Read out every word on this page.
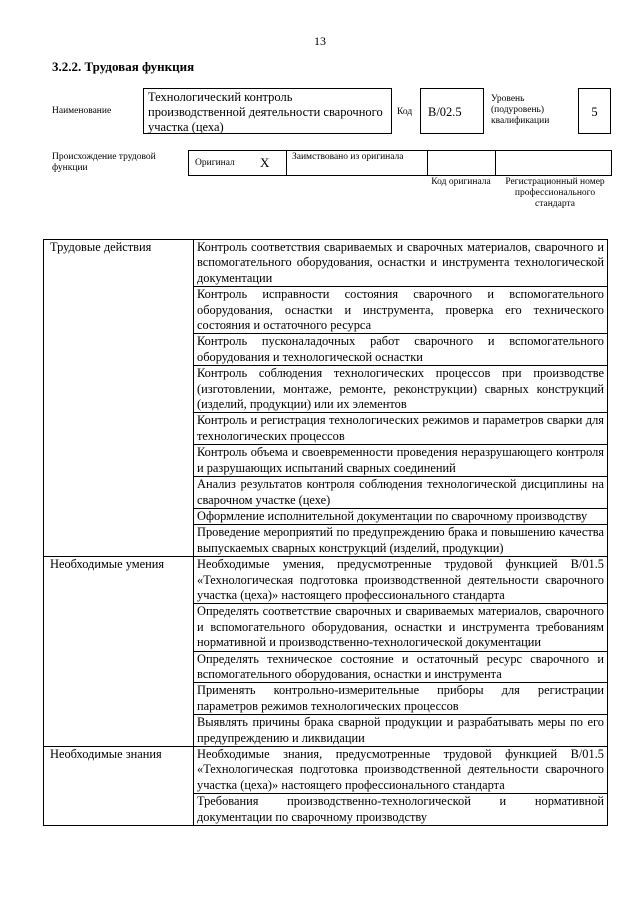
13
3.2.2. Трудовая функция
Наименование
Технологический контроль производственной деятельности сварочного участка (цеха)
Код	В/02.5
Уровень (подуровень) квалификации
5
Происхождение трудовой функции	Оригинал X Заимствовано из оригинала
Код оригинала	Регистрационный номер профессионального стандарта
Трудовые действия	Контроль соответствия свариваемых и сварочных материалов, сварочного и вспомогательного оборудования, оснастки и инструмента технологической документации
	Контроль исправности состояния сварочного и вспомогательного оборудования, оснастки и инструмента, проверка его технического состояния и остаточного ресурса
	Контроль пусконаладочных работ сварочного и вспомогательного оборудования и технологической оснастки
	Контроль соблюдения технологических процессов при производстве (изготовлении, монтаже, ремонте, реконструкции) сварных конструкций (изделий, продукции) или их элементов
	Контроль и регистрация технологических режимов и параметров сварки для технологических процессов
	Контроль объема и своевременности проведения неразрушающего контроля и разрушающих испытаний сварных соединений
	Анализ результатов контроля соблюдения технологической дисциплины на сварочном участке (цехе)
	Оформление исполнительной документации по сварочному производству
	Проведение мероприятий по предупреждению брака и повышению качества выпускаемых сварных конструкций (изделий, продукции)
Необходимые умения	Необходимые умения, предусмотренные трудовой функцией В/01.5 «Технологическая подготовка производственной деятельности сварочного участка (цеха)» настоящего профессионального стандарта
	Определять соответствие сварочных и свариваемых материалов, сварочного и вспомогательного оборудования, оснастки и инструмента требованиям нормативной и производственно-технологической документации
	Определять техническое состояние и остаточный ресурс сварочного и вспомогательного оборудования, оснастки и инструмента
	Применять контрольно-измерительные приборы для регистрации параметров режимов технологических процессов
	Выявлять причины брака сварной продукции и разрабатывать меры по его предупреждению и ликвидации
Необходимые знания	Необходимые знания, предусмотренные трудовой функцией В/01.5 «Технологическая подготовка производственной деятельности сварочного участка (цеха)» настоящего профессионального стандарта
	Требования производственно-технологической и нормативной документации по сварочному производству
